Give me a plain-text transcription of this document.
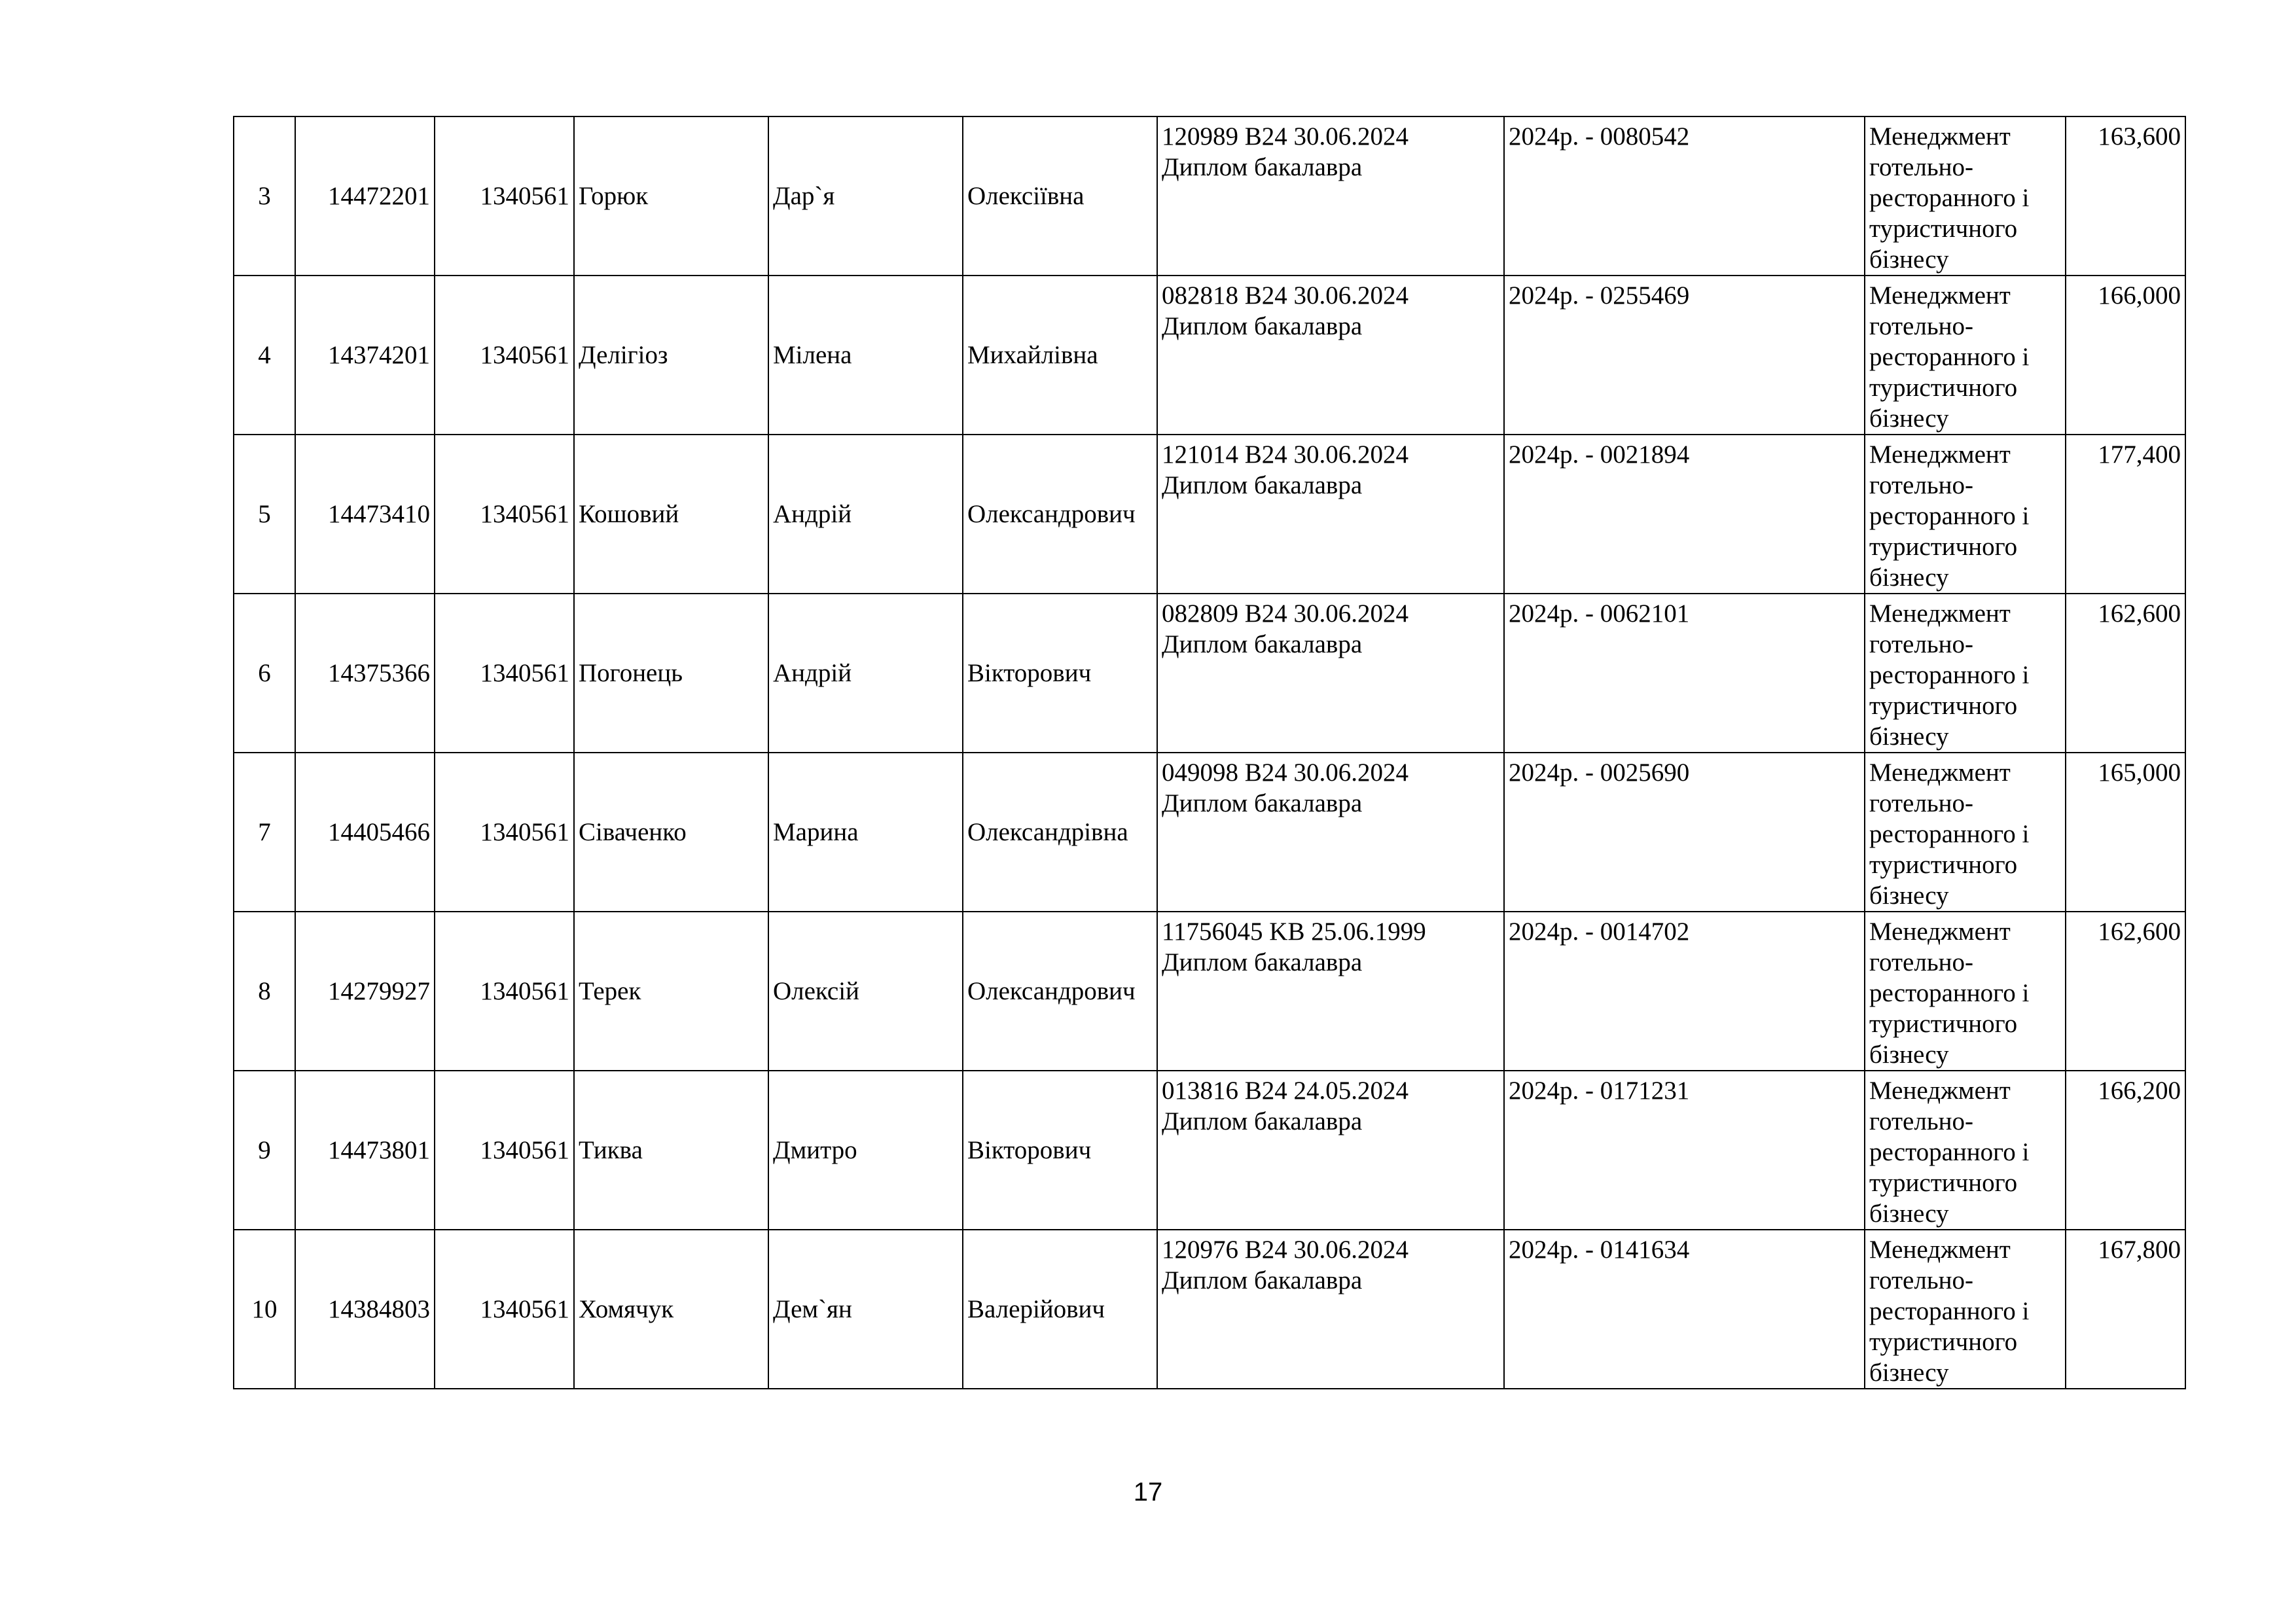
3	14472201	1340561	Горюк	Дар`я	Олексіївна	120989 В24 30.06.2024
Диплом бакалавра	2024р. - 0080542	Менеджмент
готельно-
ресторанного і
туристичного
бізнесу	163,600
4	14374201	1340561	Делігіоз	Мілена	Михайлівна	082818 В24 30.06.2024
Диплом бакалавра	2024р. - 0255469	Менеджмент
готельно-
ресторанного і
туристичного
бізнесу	166,000
5	14473410	1340561	Кошовий	Андрій	Олександрович	121014 В24 30.06.2024
Диплом бакалавра	2024р. - 0021894	Менеджмент
готельно-
ресторанного і
туристичного
бізнесу	177,400
6	14375366	1340561	Погонець	Андрій	Вікторович	082809 В24 30.06.2024
Диплом бакалавра	2024р. - 0062101	Менеджмент
готельно-
ресторанного і
туристичного
бізнесу	162,600
7	14405466	1340561	Сіваченко	Марина	Олександрівна	049098 В24 30.06.2024
Диплом бакалавра	2024р. - 0025690	Менеджмент
готельно-
ресторанного і
туристичного
бізнесу	165,000
8	14279927	1340561	Терек	Олексій	Олександрович	11756045 KB 25.06.1999
Диплом бакалавра	2024р. - 0014702	Менеджмент
готельно-
ресторанного і
туристичного
бізнесу	162,600
9	14473801	1340561	Тиква	Дмитро	Вікторович	013816 В24 24.05.2024
Диплом бакалавра	2024р. - 0171231	Менеджмент
готельно-
ресторанного і
туристичного
бізнесу	166,200
10	14384803	1340561	Хомячук	Дем`ян	Валерійович	120976 В24 30.06.2024
Диплом бакалавра	2024р. - 0141634	Менеджмент
готельно-
ресторанного і
туристичного
бізнесу	167,800
17
